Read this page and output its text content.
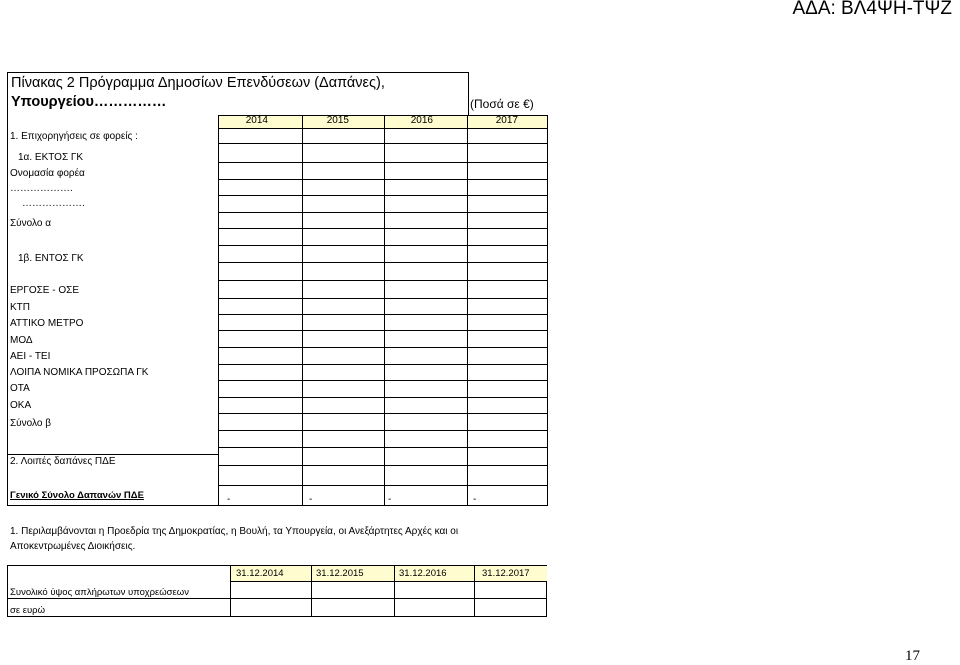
ΑΔΑ: ΒΛ4ΨΗ-ΤΨΖ
Πίνακας 2 Πρόγραμμα Δημοσίων Επενδύσεων (Δαπάνες),
Υπουργείου……………	(Ποσά σε €)
2014	2015	2016	2017
1. Επιχορηγήσεις σε φορείς :
1α. ΕΚΤΟΣ ΓΚ
Ονομασία φορέα
……………….
……………….
Σύνολο α
1β. ΕΝΤΟΣ ΓΚ
ΕΡΓΟΣΕ - ΟΣΕ
ΚΤΠ
ΑΤΤΙΚΟ ΜΕΤΡΟ
ΜΟΔ
ΑΕΙ - ΤΕΙ
ΛΟΙΠΑ ΝΟΜΙΚΑ ΠΡΟΣΩΠΑ ΓΚ
ΟΤΑ
ΟΚΑ
Σύνολο β
2. Λοιπές δαπάνες ΠΔΕ
Γενικό Σύνολο Δαπανών ΠΔΕ	-	-	-	-
1. Περιλαμβάνονται η Προεδρία της Δημοκρατίας, η Βουλή, τα Υπουργεία, οι Ανεξάρτητες Αρχές και οι Αποκεντρωμένες Διοικήσεις.
31.12.2014	31.12.2015	31.12.2016	31.12.2017
Συνολικό ύψος απλήρωτων υποχρεώσεων
σε ευρώ
17
